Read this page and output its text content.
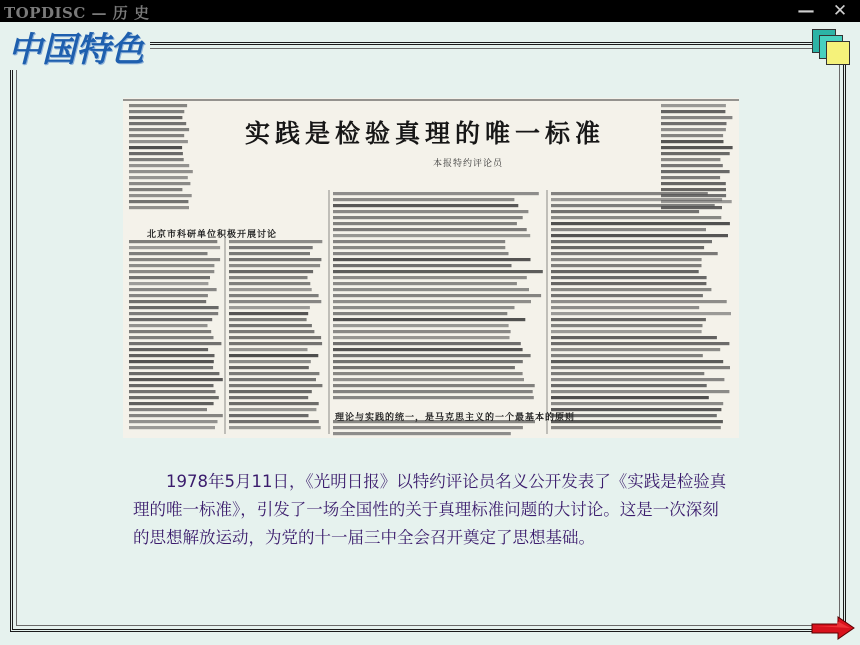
TOPDISC — 历 史	— ✕
中国特色
实践是检验真理的唯一标准
本报特约评论员
北京市科研单位积极开展讨论
理论与实践的统一，是马克思主义的一个最基本的原则

1978年5月11日，《光明日报》以特约评论员名义公开发表了《实践是检验真理的唯一标准》，引发了一场全国性的关于真理标准问题的大讨论。这是一次深刻的思想解放运动，为党的十一届三中全会召开奠定了思想基础。
